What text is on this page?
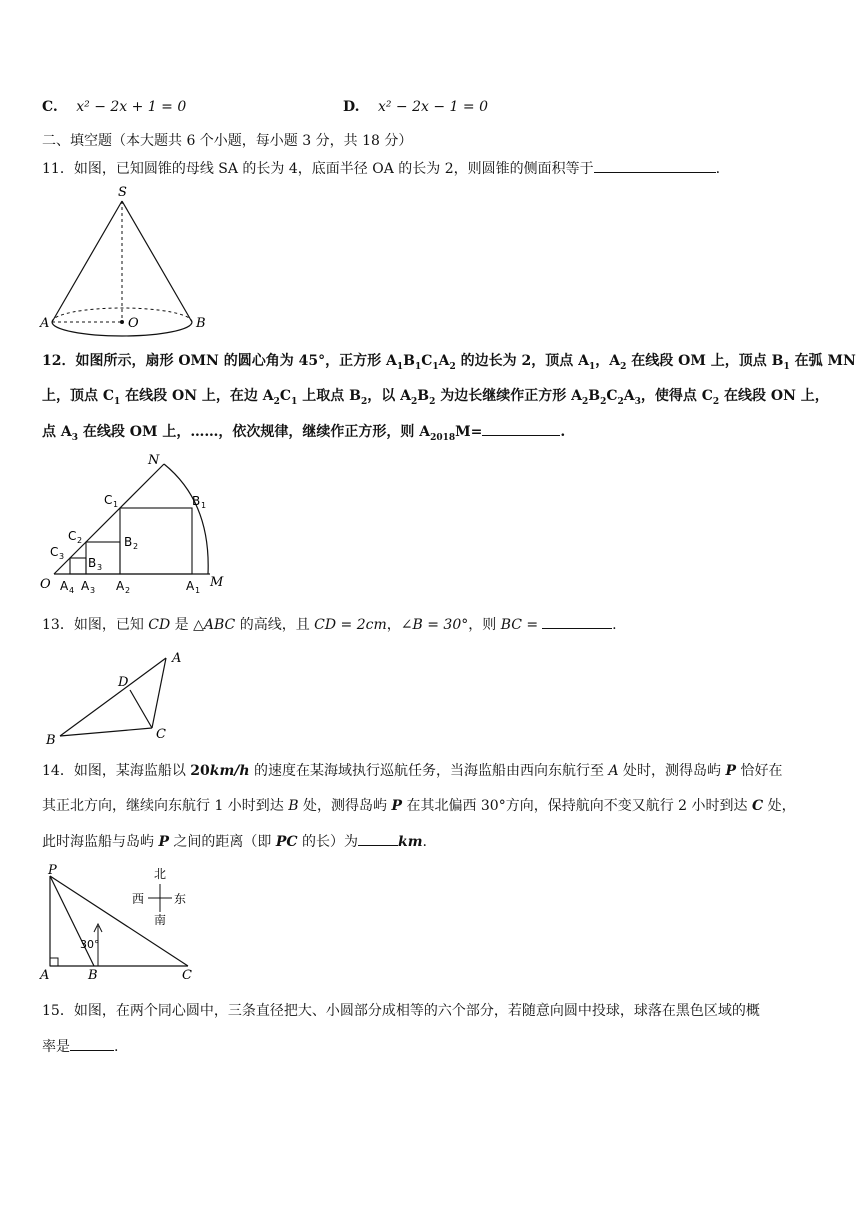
C. x² − 2x + 1 = 0	D. x² − 2x − 1 = 0
二、填空题（本大题共 6 个小题，每小题 3 分，共 18 分）
11．如图，已知圆锥的母线 SA 的长为 4，底面半径 OA 的长为 2，则圆锥的侧面积等于	.
S
A	O	B
12．如图所示，扇形 OMN 的圆心角为 45°，正方形 $A_1B_1C_1A_2$ 的边长为 2，顶点 $A_1$，$A_2$ 在线段 OM 上，顶点 $B_1$ 在弧 MN
上，顶点 $C_1$ 在线段 ON 上，在边 $A_2C_1$ 上取点 $B_2$，以 $A_2B_2$ 为边长继续作正方形 $A_2B_2C_2A_3$，使得点 $C_2$ 在线段 ON 上，
点 $A_3$ 在线段 OM 上，……，依次规律，继续作正方形，则 $A_{2018}M=$	.
N
M
O
C 1	B 1
C 2	B 2
C 3 B 3
A 4 A 3 A 2	A 1
13．如图，已知 CD 是 △ABC 的高线，且 CD = 2cm，∠B = 30°，则 BC =	.
A
D
C
B
14．如图，某海监船以 20km/h 的速度在某海域执行巡航任务，当海监船由西向东航行至 A 处时，测得岛屿 P 恰好在
其正北方向，继续向东航行 1 小时到达 B 处，测得岛屿 P 在其北偏西 30°方向，保持航向不变又航行 2 小时到达 C 处，
此时海监船与岛屿 P 之间的距离（即 PC 的长）为	km.
30°
P
A	B	C
北
南
西 东
15．如图，在两个同心圆中，三条直径把大、小圆部分成相等的六个部分，若随意向圆中投球，球落在黑色区域的概
率是	.
